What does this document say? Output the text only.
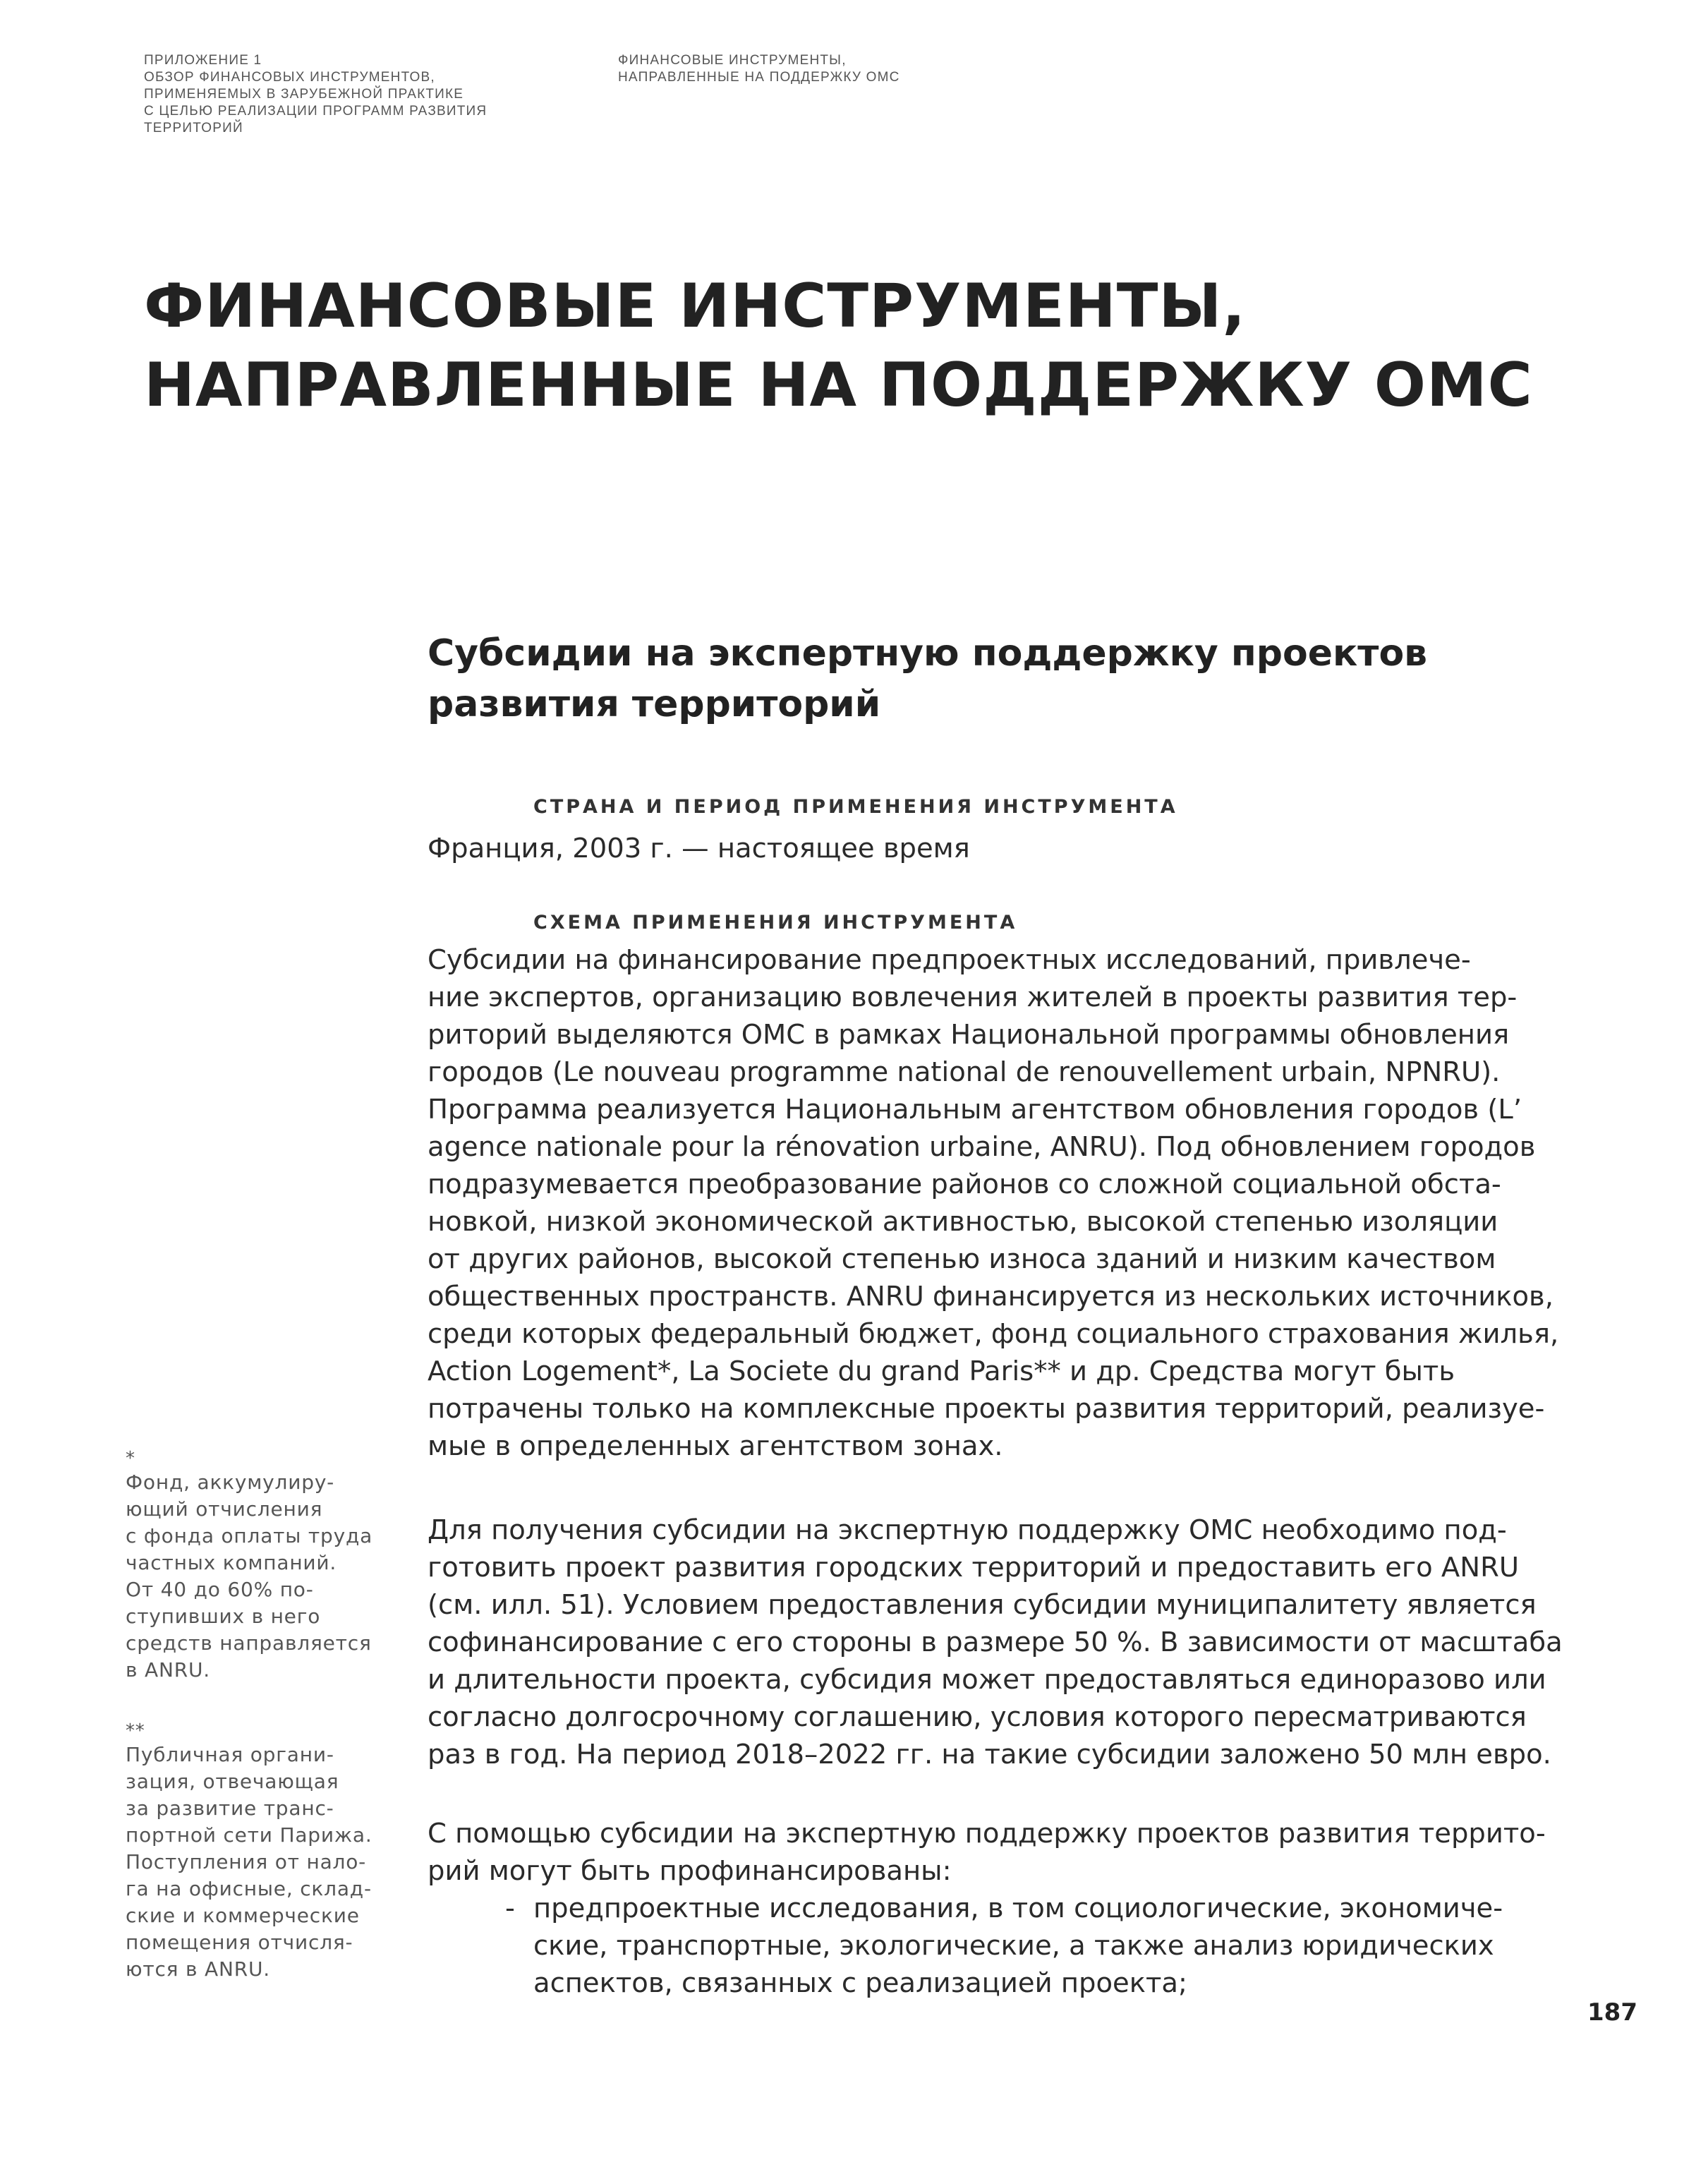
ПРИЛОЖЕНИЕ 1
ОБЗОР ФИНАНСОВЫХ ИНСТРУМЕНТОВ,
ПРИМЕНЯЕМЫХ В ЗАРУБЕЖНОЙ ПРАКТИКЕ
С ЦЕЛЬЮ РЕАЛИЗАЦИИ ПРОГРАММ РАЗВИТИЯ
ТЕРРИТОРИЙ
ФИНАНСОВЫЕ ИНСТРУМЕНТЫ,
НАПРАВЛЕННЫЕ НА ПОДДЕРЖКУ ОМС
ФИНАНСОВЫЕ ИНСТРУМЕНТЫ,
НАПРАВЛЕННЫЕ НА ПОДДЕРЖКУ ОМС
Субсидии на экспертную поддержку проектов
развития территорий
СТРАНА И ПЕРИОД ПРИМЕНЕНИЯ ИНСТРУМЕНТА
Франция, 2003 г. — настоящее время
СХЕМА ПРИМЕНЕНИЯ ИНСТРУМЕНТА
Субсидии на финансирование предпроектных исследований, привлече-
ние экспертов, организацию вовлечения жителей в проекты развития тер-
риторий выделяются ОМС в рамках Национальной программы обновления
городов (Le nouveau programme national de renouvellement urbain, NPNRU).
Программа реализуется Национальным агентством обновления городов (L’
agence nationale pour la rénovation urbaine, ANRU). Под обновлением городов
подразумевается преобразование районов со сложной социальной обста-
новкой, низкой экономической активностью, высокой степенью изоляции
от других районов, высокой степенью износа зданий и низким качеством
общественных пространств. ANRU финансируется из нескольких источников,
среди которых федеральный бюджет, фонд социального страхования жилья,
Action Logement*, La Societe du grand Paris** и др. Средства могут быть
потрачены только на комплексные проекты развития территорий, реализуе-
мые в определенных агентством зонах.
Для получения субсидии на экспертную поддержку ОМС необходимо под-
готовить проект развития городских территорий и предоставить его ANRU
(см. илл. 51). Условием предоставления субсидии муниципалитету является
софинансирование с его стороны в размере 50 %. В зависимости от масштаба
и длительности проекта, субсидия может предоставляться единоразово или
согласно долгосрочному соглашению, условия которого пересматриваются
раз в год. На период 2018–2022 гг. на такие субсидии заложено 50 млн евро.
С помощью субсидии на экспертную поддержку проектов развития террито-
рий могут быть профинансированы:
- предпроектные исследования, в том социологические, экономиче-
ские, транспортные, экологические, а также анализ юридических
аспектов, связанных с реализацией проекта;
*
Фонд, аккумулиру-
ющий отчисления
с фонда оплаты труда
частных компаний.
От 40 до 60% по-
ступивших в него
средств направляется
в ANRU.
**
Публичная органи-
зация, отвечающая
за развитие транс-
портной сети Парижа.
Поступления от нало-
га на офисные, склад-
ские и коммерческие
помещения отчисля-
ются в ANRU.
187
